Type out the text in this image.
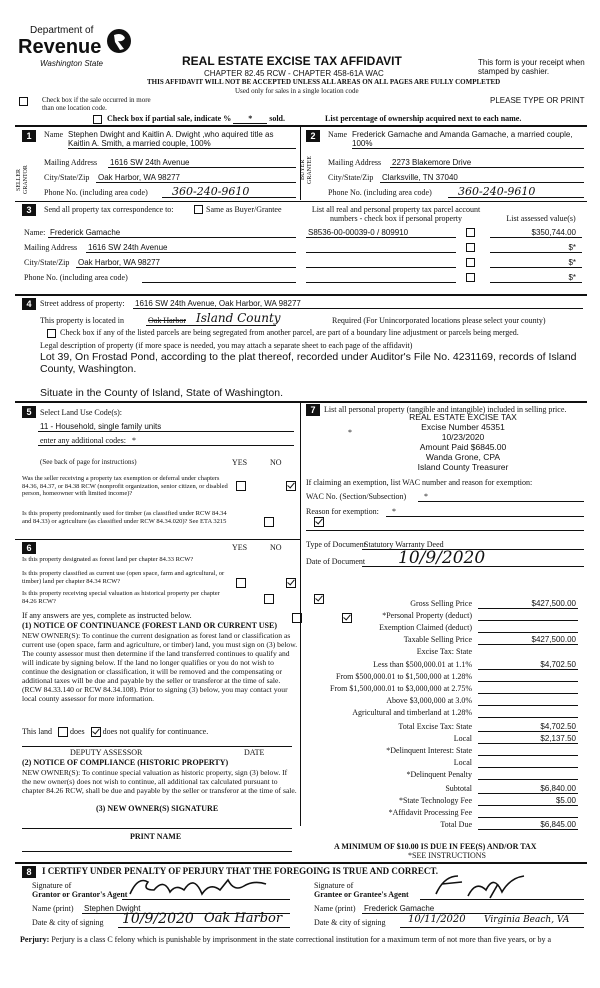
Department of
Revenue
Washington State	REAL ESTATE EXCISE TAX AFFIDAVIT
CHAPTER 82.45 RCW - CHAPTER 458-61A WAC
THIS AFFIDAVIT WILL NOT BE ACCEPTED UNLESS ALL AREAS ON ALL PAGES ARE FULLY COMPLETED
Used only for sales in a single location code
This form is your receipt when stamped by cashier.
PLEASE TYPE OR PRINT
Check box if the sale occurred in more than one location code.
Check box if partial sale, indicate % * sold.	List percentage of ownership acquired next to each name.
1
SELLER GRANTOR
Name Stephen Dwight and Kaitlin A. Dwight ,who aquired title as Kaitlin A. Smith, a married couple, 100%
Mailing Address 1616 SW 24th Avenue
City/State/Zip Oak Harbor, WA 98277
Phone No. (including area code) 360-240-9610
2
BUYER GRANTEE
Name Frederick Gamache and Amanda Gamache, a married couple, 100%
Mailing Address 2273 Blakemore Drive
City/State/Zip Clarksville, TN 37040
Phone No. (including area code) 360-240-9610
3	Send all property tax correspondence to:	Same as Buyer/Grantee
Name: Frederick Gamache
Mailing Address 1616 SW 24th Avenue
City/State/Zip Oak Harbor, WA 98277
Phone No. (including area code)
List all real and personal property tax parcel account numbers - check box if personal property	List assessed value(s)
S8536-00-00039-0 / 809910	$350,744.00
$*
$*
$*
4	Street address of property: 1616 SW 24th Avenue, Oak Harbor, WA 98277
This property is located in	Oak Harbor Island County	Required (For Unincorporated locations please select your county)
Check box if any of the listed parcels are being segregated from another parcel, are part of a boundary line adjustment or parcels being merged.
Legal description of property (if more space is needed, you may attach a separate sheet to each page of the affidavit)
Lot 39, On Frostad Pond, according to the plat thereof, recorded under Auditor's File No. 4231169, records of Island County, Washington.
Situate in the County of Island, State of Washington.
5	Select Land Use Code(s):
11 - Household, single family units
enter any additional codes: *
(See back of page for instructions)	YES	NO
Was the seller receiving a property tax exemption or deferral under chapters 84.36, 84.37, or 84.38 RCW (nonprofit organization, senior citizen, or disabled person, homeowner with limited income)?

Is this property predominantly used for timber (as classified under RCW 84.34 and 84.33) or agriculture (as classified under RCW 84.34.020)? See ETA 3215

6	YES	NO
Is this property designated as forest land per chapter 84.33 RCW?

Is this property classified as current use (open space, farm and agricultural, or timber) land per chapter 84.34 RCW?

Is this property receiving special valuation as historical property per chapter 84.26 RCW?

If any answers are yes, complete as instructed below.
(1) NOTICE OF CONTINUANCE (FOREST LAND OR CURRENT USE)
NEW OWNER(S): To continue the current designation as forest land or classification as current use (open space, farm and agriculture, or timber) land, you must sign on (3) below. The county assessor must then determine if the land transferred continues to qualify and will indicate by signing below. If the land no longer qualifies or you do not wish to continue the designation or classification, it will be removed and the compensating or additional taxes will be due and payable by the seller or transferor at the time of sale. (RCW 84.33.140 or RCW 84.34.108). Prior to signing (3) below, you may contact your local county assessor for more information.
This land does does not qualify for continuance.
DEPUTY ASSESSOR	DATE
(2) NOTICE OF COMPLIANCE (HISTORIC PROPERTY)
NEW OWNER(S): To continue special valuation as historic property, sign (3) below. If the new owner(s) does not wish to continue, all additional tax calculated pursuant to chapter 84.26 RCW, shall be due and payable by the seller or transferor at the time of sale.
(3) NEW OWNER(S) SIGNATURE
PRINT NAME
7	List all personal property (tangible and intangible) included in selling price.
*
REAL ESTATE EXCISE TAX
Excise Number 45351
10/23/2020
Amount Paid $6845.00
Wanda Grone, CPA
Island County Treasurer
If claiming an exemption, list WAC number and reason for exemption:
WAC No. (Section/Subsection) *
Reason for exemption: *
Type of Document
Statutory Warranty Deed
Date of Document 10/9/2020
Gross Selling Price	$427,500.00
*Personal Property (deduct)
Exemption Claimed (deduct)
Taxable Selling Price	$427,500.00
Excise Tax: State
Less than $500,000.01 at 1.1%	$4,702.50
From $500,000.01 to $1,500,000 at 1.28%
From $1,500,000.01 to $3,000,000 at 2.75%
Above $3,000,000 at 3.0%
Agricultural and timberland at 1.28%
Total Excise Tax: State	$4,702.50
Local	$2,137.50
*Delinquent Interest: State
Local
*Delinquent Penalty
Subtotal	$6,840.00
*State Technology Fee	$5.00
*Affidavit Processing Fee
Total Due	$6,845.00
A MINIMUM OF $10.00 IS DUE IN FEE(S) AND/OR TAX
*SEE INSTRUCTIONS
8	I CERTIFY UNDER PENALTY OF PERJURY THAT THE FOREGOING IS TRUE AND CORRECT.
Signature of
Grantor or Grantor's Agent
Name (print) Stephen Dwight
Date & city of signing 10/9/2020 Oak Harbor
Signature of
Grantee or Grantee's Agent
Name (print) Frederick Gamache
Date & city of signing 10/11/2020 Virginia Beach, VA
Perjury: Perjury is a class C felony which is punishable by imprisonment in the state correctional institution for a maximum term of not more than five years, or by a
